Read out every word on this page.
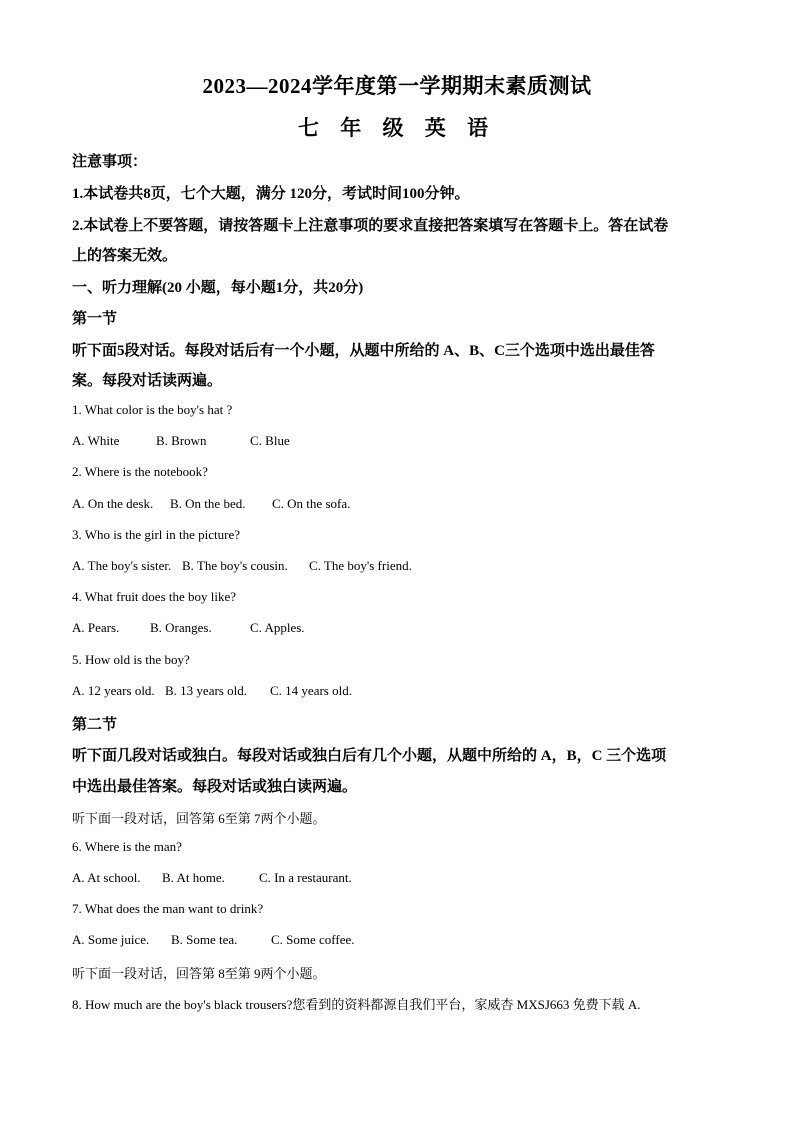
2023—2024学年度第一学期期末素质测试
七 年 级 英 语
注意事项：
1.本试卷共8页，七个大题，满分 120分，考试时间100分钟。
2.本试卷上不要答题，请按答题卡上注意事项的要求直接把答案填写在答题卡上。答在试卷
上的答案无效。
一、听力理解(20 小题，每小题1分，共20分)
第一节
听下面5段对话。每段对话后有一个小题，从题中所给的 A、B、C三个选项中选出最佳答
案。每段对话读两遍。
1. What color is the boy's hat ?
A. White	B. Brown	C. Blue
2. Where is the notebook?
A. On the desk. B. On the bed. C. On the sofa.
3. Who is the girl in the picture?
A. The boy's sister. B. The boy's cousin. C. The boy's friend.
4. What fruit does the boy like?
A. Pears. B. Oranges.	C. Apples.
5. How old is the boy?
A. 12 years old. B. 13 years old. C. 14 years old.
第二节
听下面几段对话或独白。每段对话或独白后有几个小题，从题中所给的 A，B，C 三个选项
中选出最佳答案。每段对话或独白读两遍。
听下面一段对话，回答第 6至第 7两个小题。
6. Where is the man?
A. At school. B. At home.	C. In a restaurant.
7. What does the man want to drink?
A. Some juice. B. Some tea.	C. Some coffee.
听下面一段对话，回答第 8至第 9两个小题。
8. How much are the boy's black trousers?您看到的资料都源自我们平台，家威杏 MXSJ663 免费下载 A.
